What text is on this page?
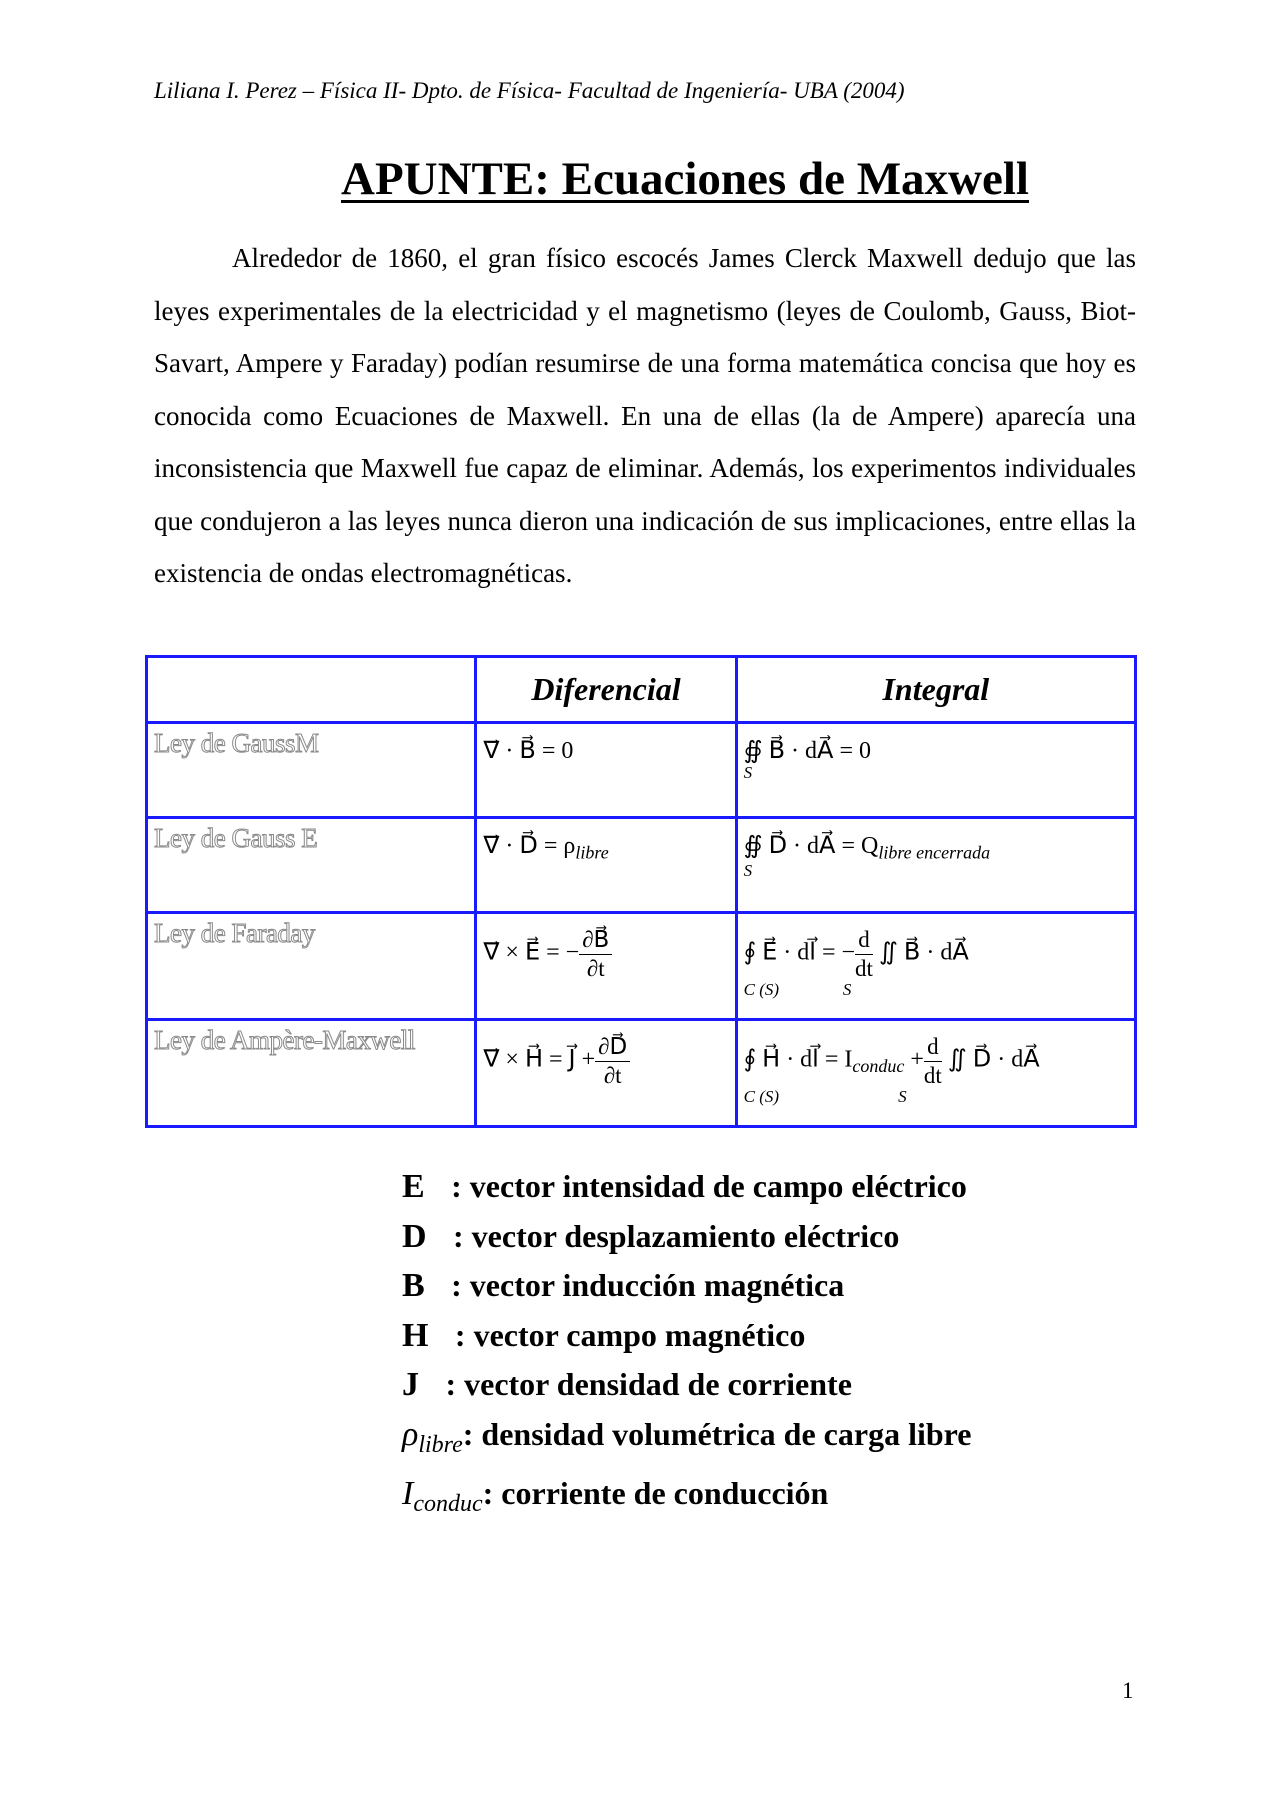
Liliana I. Perez – Física II- Dpto. de Física- Facultad de Ingeniería- UBA (2004)
APUNTE: Ecuaciones de Maxwell
Alrededor de 1860, el gran físico escocés James Clerck Maxwell dedujo que las leyes experimentales de la electricidad y el magnetismo (leyes de Coulomb, Gauss, Biot-Savart, Ampere y Faraday) podían resumirse de una forma matemática concisa que hoy es conocida como Ecuaciones de Maxwell. En una de ellas (la de Ampere) aparecía una inconsistencia que Maxwell fue capaz de eliminar. Además, los experimentos individuales que condujeron a las leyes nunca dieron una indicación de sus implicaciones, entre ellas la existencia de ondas electromagnéticas.
	Diferencial	Integral
Ley de GaussM	∇⃗ · B⃗ = 0	∯ B⃗ · dA⃗ = 0
S

Ley de Gauss E	∇⃗ · D⃗ = $\rho_{libre}$	∯ D⃗ · dA⃗ = $Q_{libre encerrada}$
S

Ley de Faraday	∇⃗ × E⃗ = − $\frac{\partial B⃗}{\partial t}$	∮ E⃗ · dl⃗ = − $\frac{d}{dt}$ ∬ B⃗ · dA⃗
C (S) S

Ley de Ampère-Maxwell	∇⃗ × H⃗ = J⃗ + $\frac{\partial D⃗}{\partial t}$	∮ H⃗ · dl⃗ = $I_{conduc} + \frac{d}{dt}$ ∬ D⃗ · dA⃗
C (S) S
E⃗: vector intensidad de campo eléctrico
D⃗: vector desplazamiento eléctrico
B⃗: vector inducción magnética
H⃗: vector campo magnético
J⃗: vector densidad de corriente
$\rho_{libre}$: densidad volumétrica de carga libre
$I_{conduc}$: corriente de conducción
1
